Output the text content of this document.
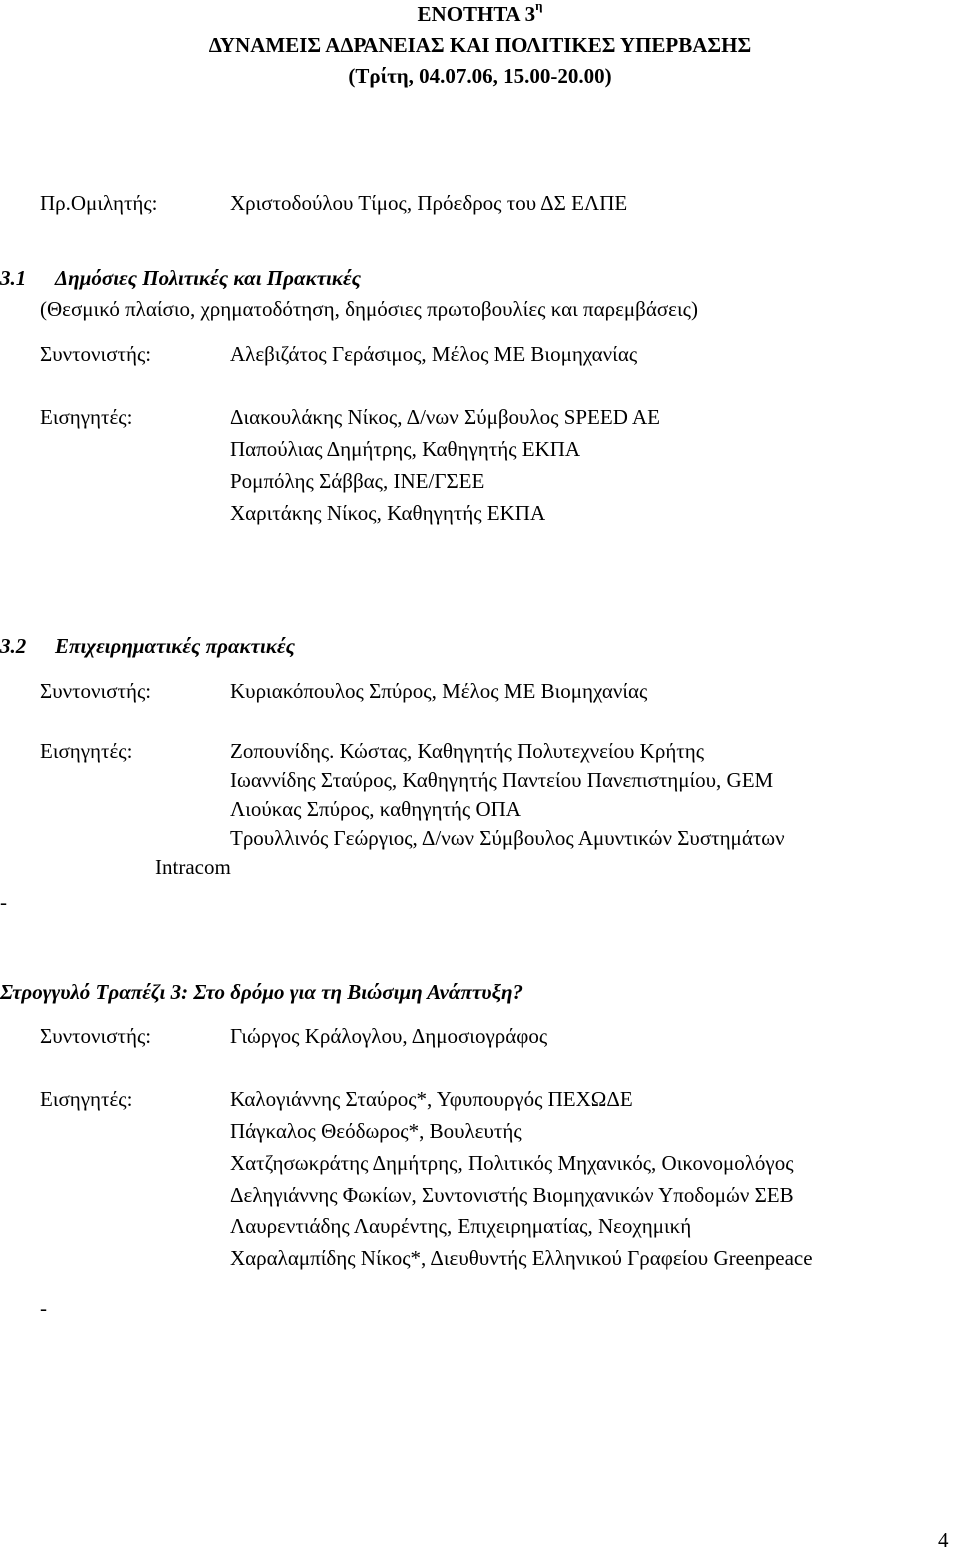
ΕΝΟΤΗΤΑ $3^\eta$
ΔΥΝΑΜΕΙΣ ΑΔΡΑΝΕΙΑΣ ΚΑΙ ΠΟΛΙΤΙΚΕΣ ΥΠΕΡΒΑΣΗΣ
(Τρίτη, 04.07.06, 15.00-20.00)
Πρ.Ομιλητής:	Χριστοδούλου Τίμος, Πρόεδρος του ΔΣ ΕΛΠΕ
3.1 Δημόσιες Πολιτικές και Πρακτικές
(Θεσμικό πλαίσιο, χρηματοδότηση, δημόσιες πρωτοβουλίες και παρεμβάσεις)
Συντονιστής:	Αλεβιζάτος Γεράσιμος, Μέλος ΜΕ Βιομηχανίας
Εισηγητές:	Διακουλάκης Νίκος, Δ/νων Σύμβουλος SPEED AE
Παπούλιας Δημήτρης, Καθηγητής ΕΚΠΑ
Ρομπόλης Σάββας, ΙΝΕ/ΓΣΕΕ
Χαριτάκης Νίκος, Καθηγητής ΕΚΠΑ
3.2 Επιχειρηματικές πρακτικές
Συντονιστής:	Κυριακόπουλος Σπύρος, Μέλος ΜΕ Βιομηχανίας
Εισηγητές:	Ζοπουνίδης. Κώστας, Καθηγητής Πολυτεχνείου Κρήτης
Ιωαννίδης Σταύρος, Καθηγητής Παντείου Πανεπιστημίου, GEM
Λιούκας Σπύρος, καθηγητής ΟΠΑ
Τρουλλινός Γεώργιος, Δ/νων Σύμβουλος Αμυντικών Συστημάτων
Intracom
-
Στρογγυλό Τραπέζι 3: Στο δρόμο για τη Βιώσιμη Ανάπτυξη?
Συντονιστής:	Γιώργος Κράλογλου, Δημοσιογράφος
Εισηγητές:	Καλογιάννης Σταύρος*, Υφυπουργός ΠΕΧΩΔΕ
Πάγκαλος Θεόδωρος*, Βουλευτής
Χατζησωκράτης Δημήτρης, Πολιτικός Μηχανικός, Οικονομολόγος
Δεληγιάννης Φωκίων, Συντονιστής Βιομηχανικών Υποδομών ΣΕΒ
Λαυρεντιάδης Λαυρέντης, Επιχειρηματίας, Νεοχημική
Χαραλαμπίδης Νίκος*, Διευθυντής Ελληνικού Γραφείου Greenpeace
-
4
